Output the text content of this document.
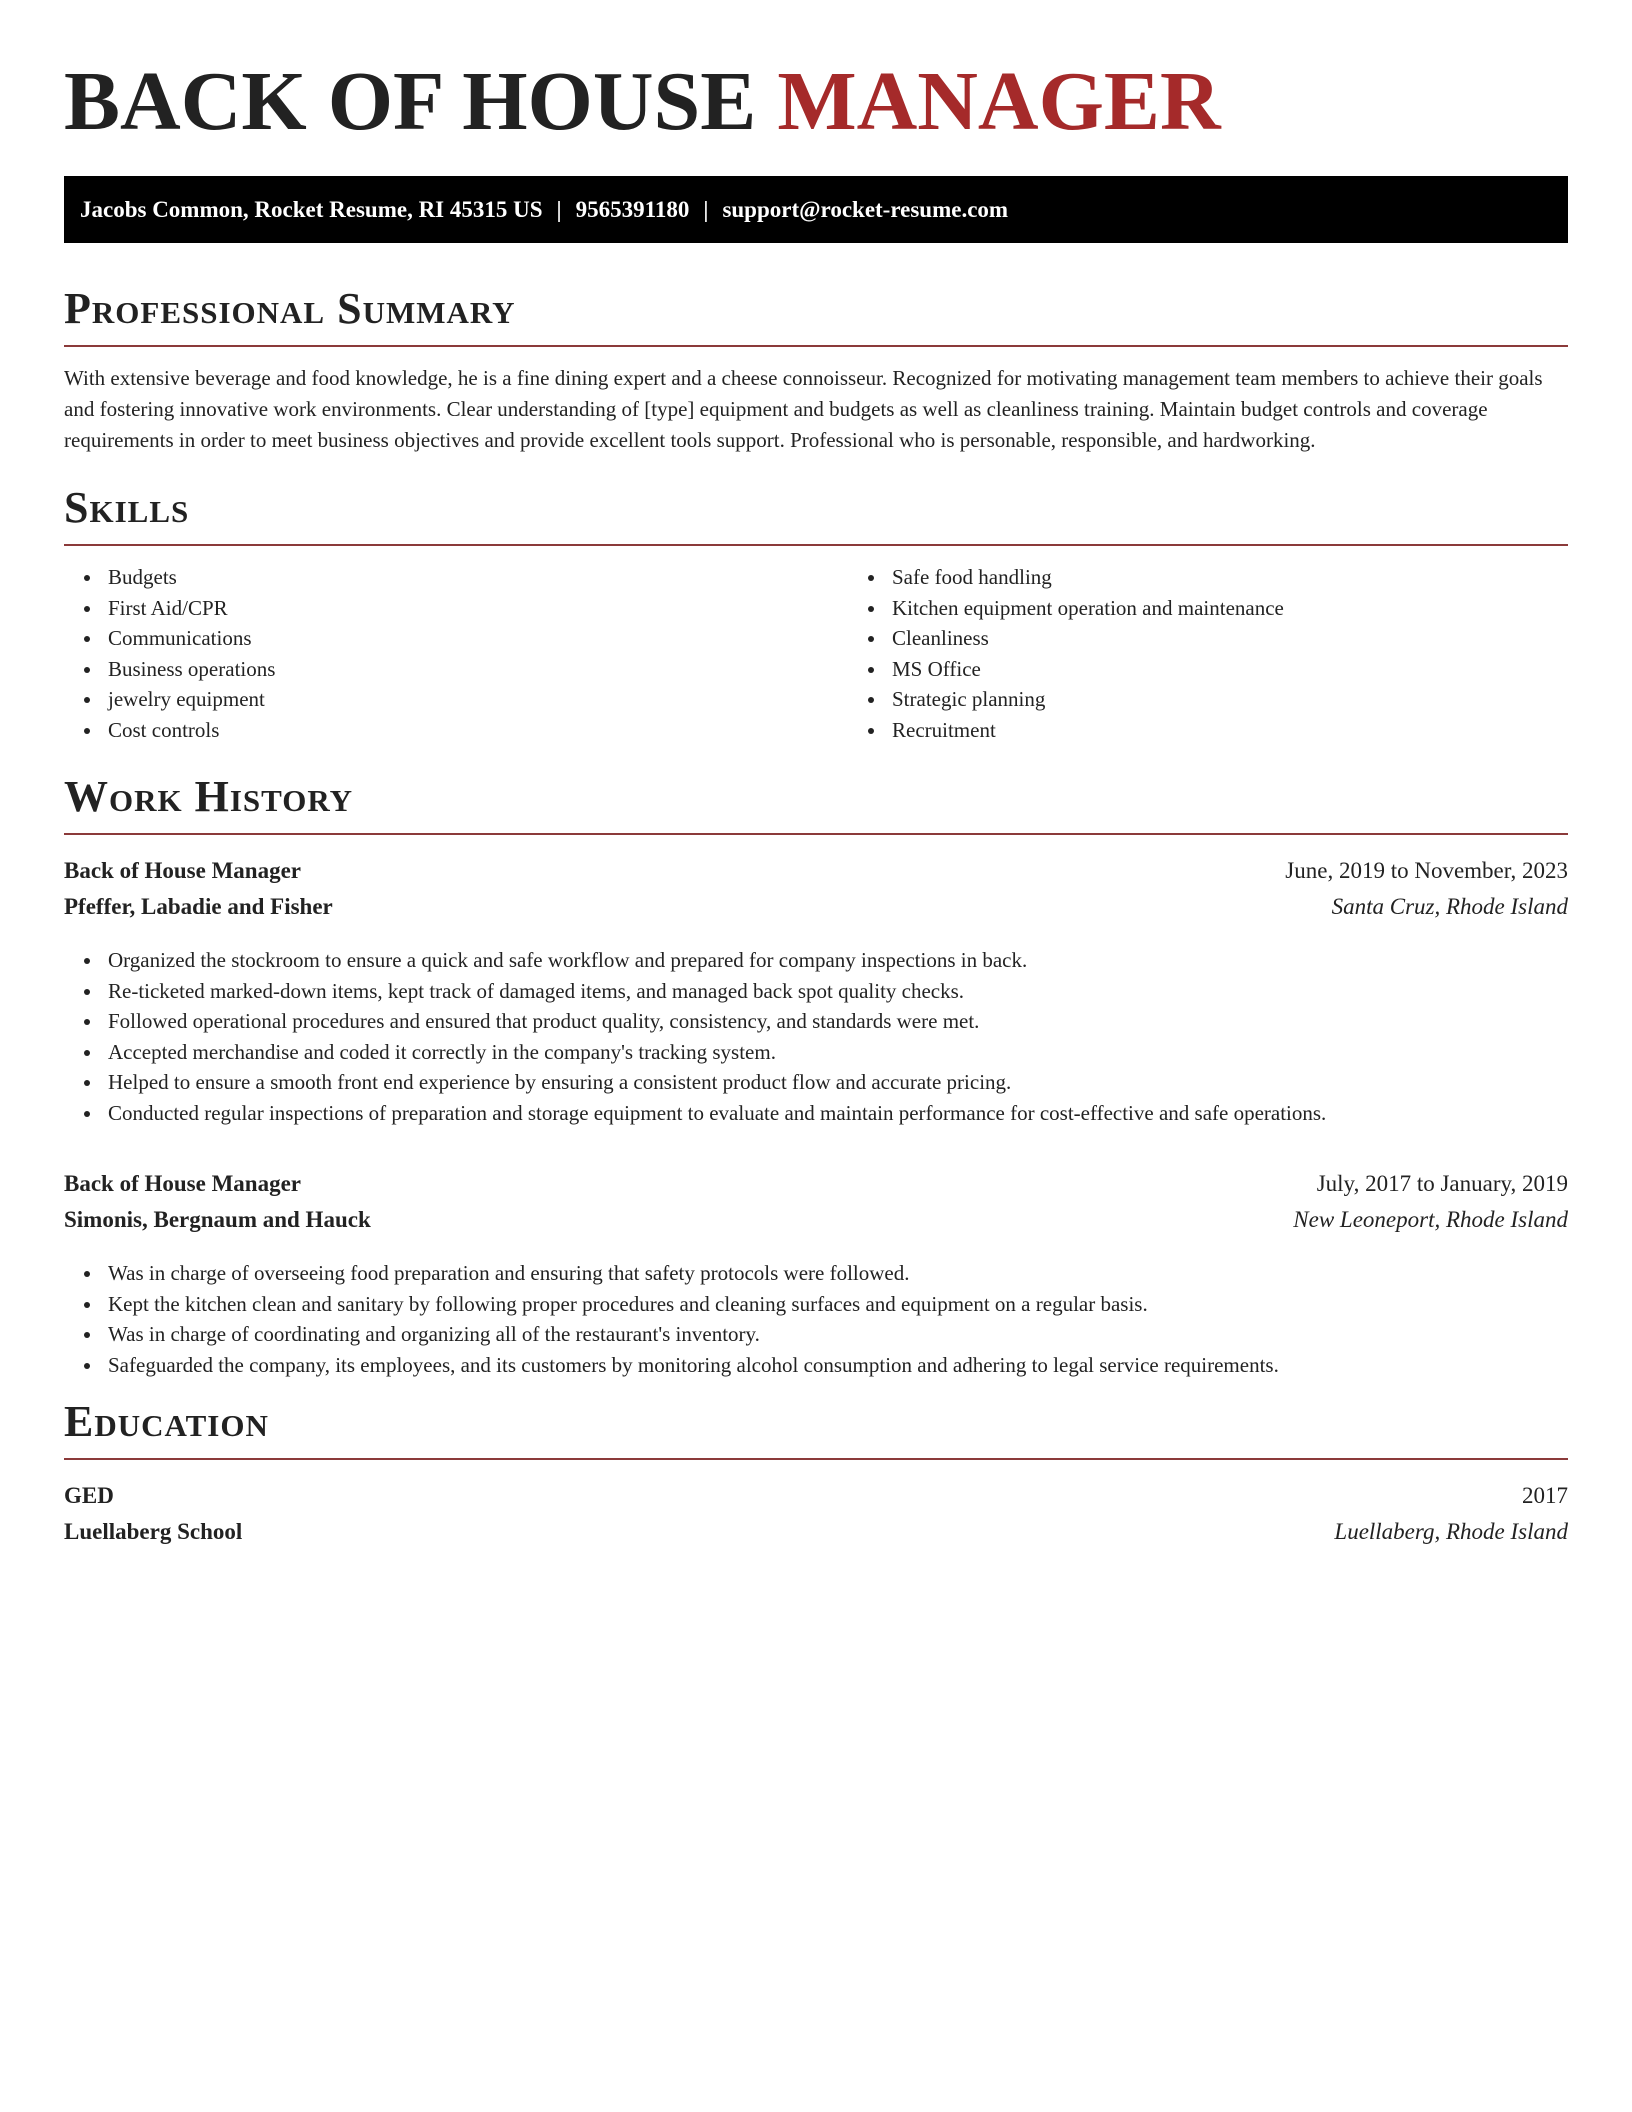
BACK OF HOUSE MANAGER
Jacobs Common, Rocket Resume, RI 45315 US | 9565391180 | support@rocket-resume.com
Professional Summary

With extensive beverage and food knowledge, he is a fine dining expert and a cheese connoisseur. Recognized for motivating management team members to achieve their goals and fostering innovative work environments. Clear understanding of [type] equipment and budgets as well as cleanliness training. Maintain budget controls and coverage requirements in order to meet business objectives and provide excellent tools support. Professional who is personable, responsible, and hardworking.

Skills
Budgets
First Aid/CPR
Communications
Business operations
jewelry equipment
Cost controls
Safe food handling
Kitchen equipment operation and maintenance
Cleanliness
MS Office
Strategic planning
Recruitment
Work History
Back of House Manager	June, 2019 to November, 2023
Pfeffer, Labadie and Fisher	Santa Cruz, Rhode Island
Organized the stockroom to ensure a quick and safe workflow and prepared for company inspections in back.
Re-ticketed marked-down items, kept track of damaged items, and managed back spot quality checks.
Followed operational procedures and ensured that product quality, consistency, and standards were met.
Accepted merchandise and coded it correctly in the company's tracking system.
Helped to ensure a smooth front end experience by ensuring a consistent product flow and accurate pricing.
Conducted regular inspections of preparation and storage equipment to evaluate and maintain performance for cost-effective and safe operations.
Back of House Manager	July, 2017 to January, 2019
Simonis, Bergnaum and Hauck	New Leoneport, Rhode Island
Was in charge of overseeing food preparation and ensuring that safety protocols were followed.
Kept the kitchen clean and sanitary by following proper procedures and cleaning surfaces and equipment on a regular basis.
Was in charge of coordinating and organizing all of the restaurant's inventory.
Safeguarded the company, its employees, and its customers by monitoring alcohol consumption and adhering to legal service requirements.
Education
GED	2017
Luellaberg School	Luellaberg, Rhode Island
